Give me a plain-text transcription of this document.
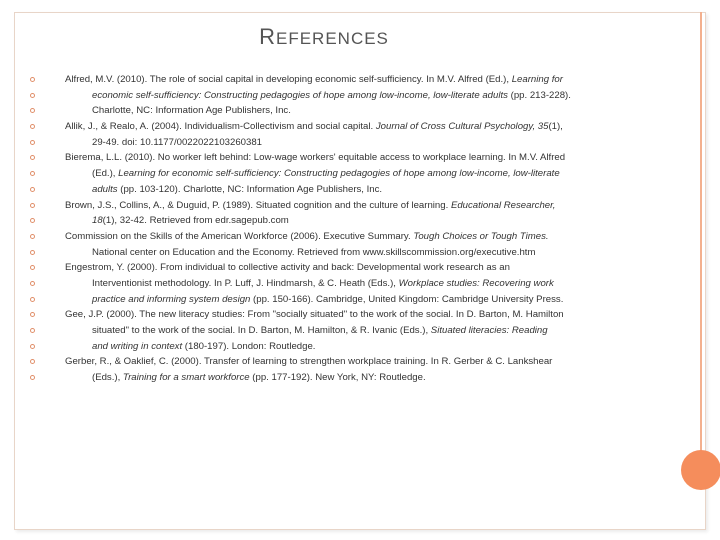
REFERENCES
Alfred, M.V. (2010). The role of social capital in developing economic self-sufficiency. In M.V. Alfred (Ed.), Learning for
economic self-sufficiency: Constructing pedagogies of hope among low-income, low-literate adults (pp. 213-228).
Charlotte, NC: Information Age Publishers, Inc.
Allik, J., & Realo, A. (2004). Individualism-Collectivism and social capital. Journal of Cross Cultural Psychology, 35(1),
29-49. doi: 10.1177/0022022103260381
Bierema, L.L. (2010). No worker left behind: Low-wage workers' equitable access to workplace learning. In M.V. Alfred
(Ed.), Learning for economic self-sufficiency: Constructing pedagogies of hope among low-income, low-literate
adults (pp. 103-120). Charlotte, NC: Information Age Publishers, Inc.
Brown, J.S., Collins, A., & Duguid, P. (1989). Situated cognition and the culture of learning. Educational Researcher,
18(1), 32-42. Retrieved from edr.sagepub.com
Commission on the Skills of the American Workforce (2006). Executive Summary. Tough Choices or Tough Times.
National center on Education and the Economy. Retrieved from www.skillscommission.org/executive.htm
Engestrom, Y. (2000). From individual to collective activity and back: Developmental work research as an
Interventionist methodology. In P. Luff, J. Hindmarsh, & C. Heath (Eds.), Workplace studies: Recovering work
practice and informing system design (pp. 150-166). Cambridge, United Kingdom: Cambridge University Press.
Gee, J.P. (2000). The new literacy studies: From "socially situated" to the work of the social. In D. Barton, M. Hamilton
situated" to the work of the social. In D. Barton, M. Hamilton, & R. Ivanic (Eds.), Situated literacies: Reading
and writing in context (180-197). London: Routledge.
Gerber, R., & Oaklief, C. (2000). Transfer of learning to strengthen workplace training. In R. Gerber & C. Lankshear
(Eds.), Training for a smart workforce (pp. 177-192). New York, NY: Routledge.
